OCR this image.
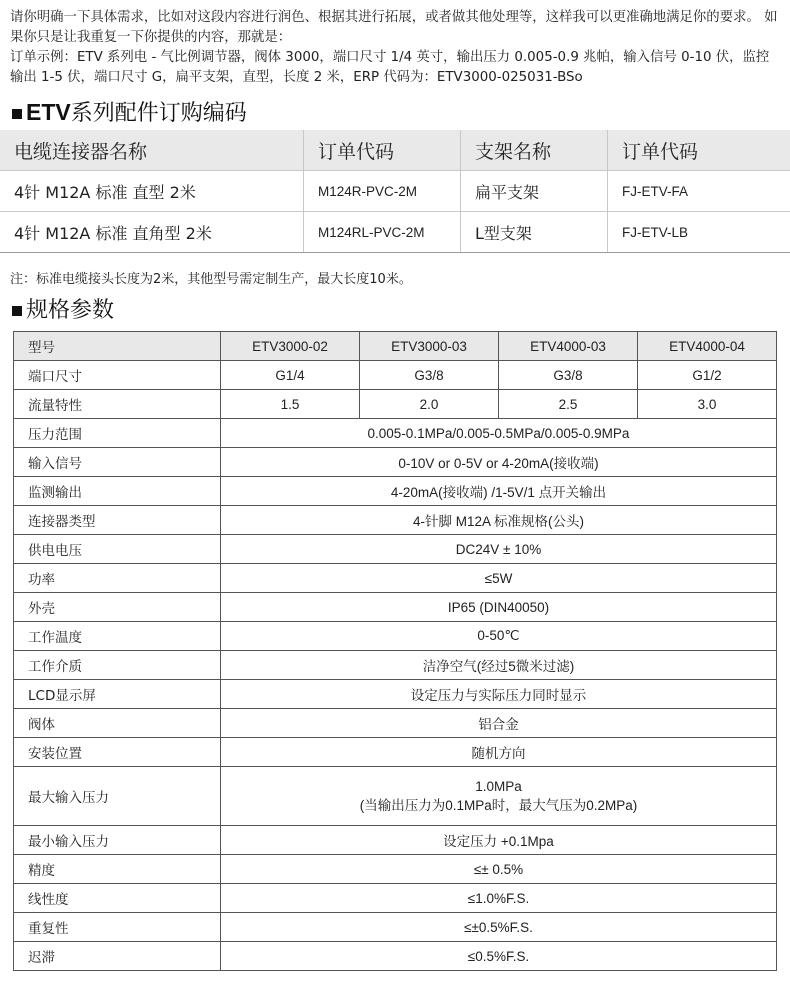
请你明确一下具体需求，比如对这段内容进行润色、根据其进行拓展，或者做其他处理等，这样我可以更准确地满足你的要求。 如果你只是让我重复一下你提供的内容，那就是：

订单示例：ETV 系列电 - 气比例调节器，阀体 3000，端口尺寸 1/4 英寸，输出压力 0.005-0.9 兆帕，输入信号 0-10 伏，监控输出 1-5 伏，端口尺寸 G，扁平支架，直型，长度 2 米，ERP 代码为：ETV3000-025031-BSo

ETV 系列配件订购编码
电缆连接器名称	订单代码	支架名称	订单代码
4针 M12A 标准 直型 2米	M124R-PVC-2M	扁平支架	FJ-ETV-FA
4针 M12A 标准 直角型 2米	M124RL-PVC-2M	L型支架	FJ-ETV-LB
注：标准电缆接头长度为2米，其他型号需定制生产，最大长度10米。
规格参数
型号	ETV3000-02	ETV3000-03	ETV4000-03	ETV4000-04
端口尺寸	G1/4	G3/8	G3/8	G1/2
流量特性	1.5	2.0	2.5	3.0
压力范围	0.005-0.1MPa/0.005-0.5MPa/0.005-0.9MPa			
输入信号	0-10V or 0-5V or 4-20mA(接收端)			
监测输出	4-20mA(接收端) /1-5V/1 点开关输出			
连接器类型	4-针脚 M12A 标准规格(公头)			
供电电压	DC24V ± 10%			
功率	≤5W			
外壳	IP65 (DIN40050)			
工作温度	0-50℃			
工作介质	洁净空气(经过5微米过滤)			
LCD显示屏	设定压力与实际压力同时显示			
阀体	铝合金			
安装位置	随机方向			
最大输入压力	1.0MPa
(当输出压力为0.1MPa时，最大气压为0.2MPa)			

最小输入压力	设定压力 +0.1Mpa			
精度	≤± 0.5%			
线性度	≤1.0%F.S.			
重复性	≤±0.5%F.S.			
迟滞	≤0.5%F.S.			
